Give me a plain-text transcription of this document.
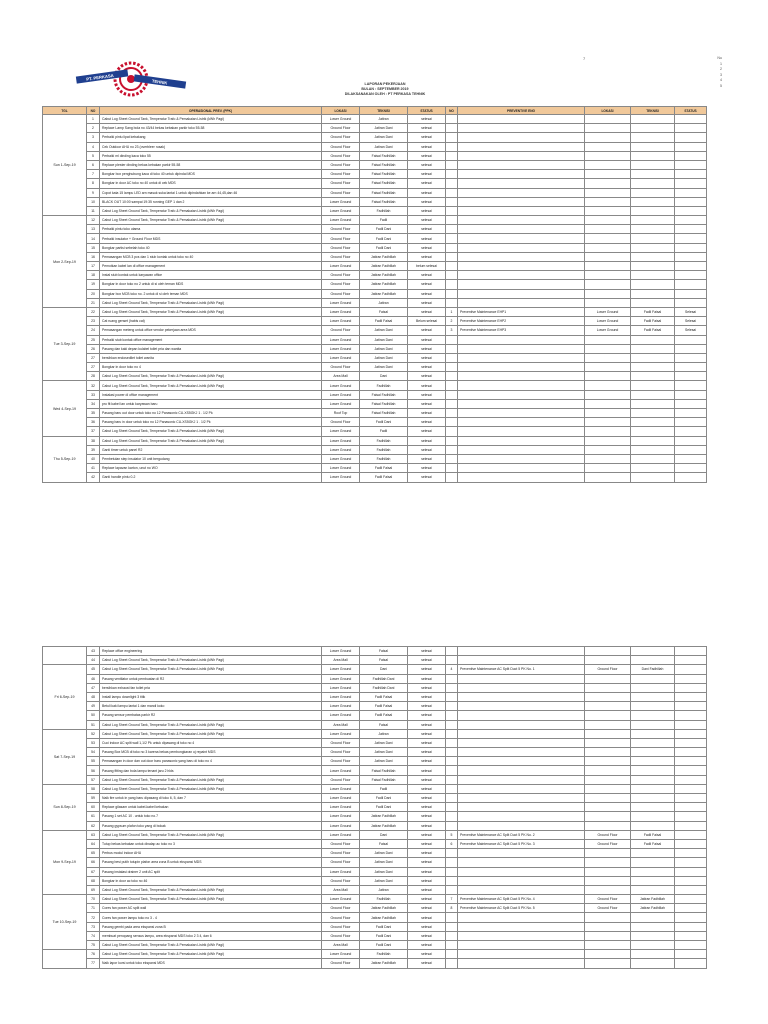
PT. PERKASA
TEHNIK
7	Nu
1
2
3
4
5
LAPORAN PEKERJAAN
BULAN : SEPTEMBER 2019
DILAKSANAKAN OLEH : PT PERKASA TEHNIK
TGL	NO	OPERASIONAL PREV. (PPK)	LOKASI	TEKNISI	STATUS	NO	PREVENTIVE ENG	LOKASI	TEKNISI	STATUS
Sun 1-Sep-19	1	Cabut Log Sheet Ground Tank, Temperatur Trafo & Pemakaian Listrik (kWh Pagi)	Lower Ground	Jatiran	selesai					
	2	Replace Lamp Sang bola no 43/44 bekas kebakan parkir toko 55-58	Ground Floor	Jatiran Dani	selesai					
	3	Perbaiki pintu lipat kebakang	Ground Floor	Jatiran Dani	selesai					
	4	Cek Outdoor AHU no 23 (overbleer rusak)	Ground Floor	Jatiran Dani	selesai					
	5	Perbaiki ml dinding kaca toko 55	Ground Floor	Faisal Fadhillah	selesai					
	6	Replace plester dinding bekas kebakan parkir 55-58	Ground Floor	Faisal Fadhillah	selesai					
	7	Bongkar box penghubung kaca di toko 40 untuk dipindai MDS	Ground Floor	Faisal Fadhillah	selesai					
	8	Bongkar in door AC toko no 40 untuk di cek MDS	Ground Floor	Faisal Fadhillah	selesai					
	9	Copot kata 15 lampu LED arn masuk suka lantai 1 untuk dipindahkan ke arn 44,45,dan 46	Ground Floor	Faisal Fadhillah	selesai					
	10	BLACK OUT 10:00 sampai 19:35 running GEP 1 dan 2	Lower Ground	Faisal Fadhillah	selesai					
	11	Cabut Log Sheet Ground Tank, Temperatur Trafo & Pemakaian Listrik (kWh Pagi)	Lower Ground	Fadhillah	selesai					
Mon 2-Sep-19	12	Cabut Log Sheet Ground Tank, Temperatur Trafo & Pemakaian Listrik (kWh Pagi)	Lower Ground	Fadli	selesai					
	13	Perbaiki pintu toko utama	Ground Floor	Fadli Dani	selesai					
	14	Perbaiki insulator + Ground Floor MDS	Ground Floor	Fadli Dani	selesai					
	15	Bongkar partisi sebelah toko 40	Ground Floor	Fadli Dani	selesai					
	16	Pemasangan MCB 3 pcs dan 1 stub kontak untuk toko no 40	Ground Floor	Jatiran Fadhillah	selesai					
	17	Pemotkan kabel lan di office management	Lower Ground	Jatiran Fadhillah	belum selesai					
	18	Instal stub kontak untuk karyawan office	Ground Floor	Jatiran Fadhillah	selesai					
	19	Bongkar in door toko no 2 untuk di si oleh teman MDS	Ground Floor	Jatiran Fadhillah	selesai					
	20	Bongkar box MCB toko no. 2 untuk di si oleh teman MDS	Ground Floor	Jatiran Fadhillah	selesai					
	21	Cabut Log Sheet Ground Tank, Temperatur Trafo & Pemakaian Listrik (kWh Pagi)	Lower Ground	Jatiran	selesai					
Tue 3-Sep-19	22	Cabut Log Sheet Ground Tank, Temperatur Trafo & Pemakaian Listrik (kWh Pagi)	Lower Ground	Faisal	selesai	1	Preventive Maintenance EHP1	Lower Ground	Fadli Faisal	Selesai
	23	Cat ruang genset (habis cat)	Lower Ground	Fadli Faisal	Belum selesai	2	Preventive Maintenance EHP2	Lower Ground	Fadli Faisal	Selesai
	24	Pemasangan meteng untuk office vendor pekerjaan area MDS	Ground Floor	Jatiran Dani	selesai	3	Preventive Maintenance EHP3	Lower Ground	Fadli Faisal	Selesai
	25	Perbaiki stub kontak office management	Lower Ground	Jatiran Dani	selesai					
	26	Pasang dan kaki depan kulabel toilet pria dan wanita	Lower Ground	Jatiran Dani	selesai					
	27	bersihkan endosedilet toilet wanita	Lower Ground	Jatiran Dani	selesai					
	27	Bongkar in door toko no 4	Ground Floor	Jatiran Dani	selesai					
	28	Cabut Log Sheet Ground Tank, Temperatur Trafo & Pemakaian Listrik (kWh Pagi)	Area Mall	Dani	selesai					
Wed 4-Sep-19	32	Cabut Log Sheet Ground Tank, Temperatur Trafo & Pemakaian Listrik (kWh Pagi)	Lower Ground	Fadhillah	selesai					
	33	Instalasi power di office management	Lower Ground	Faisal Fadhillah	selesai					
	34	pro fit kabel lan untuk karyawan baru	Lower Ground	Faisal Fadhillah	selesai					
	35	Pasang baru out door untuk toko no 12 Panasonic CU-XS5GKJ 1 . 1/2 Pk	Roof Top	Faisal Fadhillah	selesai					
	36	Pasang baru in door untuk toko no 12 Panasonic CU-XS5GKJ 1 . 1/2 Pk	Ground Floor	Fadli Dani	selesai					
	37	Cabut Log Sheet Ground Tank, Temperatur Trafo & Pemakaian Listrik (kWh Pagi)	Lower Ground	Fadli	selesai					
Thu 5-Sep-19	38	Cabut Log Sheet Ground Tank, Temperatur Trafo & Pemakaian Listrik (kWh Pagi)	Lower Ground	Fadhillah	selesai					
	39	Ganti timer untuk panel R2	Lower Ground	Fadhillah	selesai					
	40	Pembetulan step insulator 10 unit bergudang	Lower Ground	Fadhillah	selesai					
	41	Replace lapavan karton, unut no WO	Lower Ground	Fadli Faisal	selesai					
	42	Ganti handle pintu 0-2	Lower Ground	Fadli Faisal	selesai					
	43	Replace office engineering	Lower Ground	Faisal	selesai					
	44	Cabut Log Sheet Ground Tank, Temperatur Trafo & Pemakaian Listrik (kWh Pagi)	Area Mall	Faisal	selesai					
Fri 6-Sep-19	45	Cabut Log Sheet Ground Tank, Temperatur Trafo & Pemakaian Listrik (kWh Pagi)	Lower Ground	Dani	selesai	4	Preventive Maintenance AC Split Duct 5 PK No. 1	Ground Floor	Dani Fadhillah	
	46	Pasang ventilator untuk pembuatan di R2	Lower Ground	Fadhillah Dani	selesai					
	47	bersihkan exhaust fan toilet pria	Lower Ground	Fadhillah Dani	selesai					
	48	Install lampu downlight 3 titik	Lower Ground	Fadli Faisal	selesai					
	49	Betuli kaki lampu lantai 1 dan mandi koko	Lower Ground	Fadli Faisal	selesai					
	50	Pasang sensor pembatas parkir R2	Lower Ground	Fadli Faisal	selesai					
	51	Cabut Log Sheet Ground Tank, Temperatur Trafo & Pemakaian Listrik (kWh Pagi)	Area Mall	Faisal	selesai					
Sat 7-Sep-19	52	Cabut Log Sheet Ground Tank, Temperatur Trafo & Pemakaian Listrik (kWh Pagi)	Lower Ground	Jatiran	selesai					
	53	Cuci indoor AC split wall 1,1/2 Pk untuk dipasang di toko no 4	Ground Floor	Jatiran Dani	selesai					
	54	Pasang Box MCB di toko no 3 karena bekas pembongkaran uj repaint MDS	Ground Floor	Jatiran Dani	selesai					
	55	Pemasangan in door dan out door baru panasonic yang baru di toko no 4	Ground Floor	Jatiran Dani	selesai					
	56	Pasang fitting dan bola lampu tenant jaru 2 hlds	Lower Ground	Faisal Fadhillah	selesai					
	57	Cabut Log Sheet Ground Tank, Temperatur Trafo & Pemakaian Listrik (kWh Pagi)	Ground Floor	Faisal Fadhillah	selesai					
Sun 8-Sep-19	58	Cabut Log Sheet Ground Tank, Temperatur Trafo & Pemakaian Listrik (kWh Pagi)	Lower Ground	Fadli	selesai					
	59	Naik fire untuk in yang baru dipasang di toko 6, 5, dan 7	Lower Ground	Fadli Dani	selesai					
	60	Replace gilasam untuk kabel-kabel kebakan	Lower Ground	Fadli Dani	selesai					
	61	Pasang 1 set AC 10 . untuk toko no.7	Lower Ground	Jatiran Fadhillah	selesai					
	62	Pasang gypsum plafon toko yang di bokak	Lower Ground	Jatiran Fadhillah	selesai					
Mon 9-Sep-19	63	Cabut Log Sheet Ground Tank, Temperatur Trafo & Pemakaian Listrik (kWh Pagi)	Lower Ground	Dani	selesai	5	Preventive Maintenance AC Split Duct 5 PK No. 2	Ground Floor	Fadli Faisal	
	64	Tutup bekas kebakan untuk dinalap ac toko no 3	Ground Floor	Faisal	selesai	6	Preventive Maintenance AC Split Duct 5 PK No. 3	Ground Floor	Fadli Faisal	
	65	Perbus modul indoor AHU	Ground Floor	Jatiran Dani	selesai					
	66	Pasang besi putih tutupin plafon area zona B untuk ekspansi MDS	Ground Floor	Jatiran Dani	selesai					
	67	Pasang instalasi drainer 2 unit AC split	Lower Ground	Jatiran Dani	selesai					
	68	Bongkar in door ac toko no 46	Ground Floor	Jatiran Dani	selesai					
	69	Cabut Log Sheet Ground Tank, Temperatur Trafo & Pemakaian Listrik (kWh Pagi)	Area Mall	Jatiran	selesai					
Tue 10-Sep-19	70	Cabut Log Sheet Ground Tank, Temperatur Trafo & Pemakaian Listrik (kWh Pagi)	Lower Ground	Fadhillah	selesai	7	Preventive Maintenance AC Split Duct 5 PK No. 4	Ground Floor	Jatiran Fadhillah	
	71	Cores fan power AC split wall	Ground Floor	Jatiran Fadhillah	selesai	8	Preventive Maintenance AC Split Duct 5 PK No. 5	Ground Floor	Jatiran Fadhillah	
	72	Cores fan power lampu toko no 3 - 4	Ground Floor	Jatiran Fadhillah	selesai					
	73	Pasang gembi pada area ekspansi zona B	Ground Floor	Fadli Dani	selesai					
	74	membuat penopang sensus lampu, area ekspansi MDS toko 2 3 4, dan 6	Ground Floor	Fadli Dani	selesai					
	75	Cabut Log Sheet Ground Tank, Temperatur Trafo & Pemakaian Listrik (kWh Pagi)	Area Mall	Fadli Dani	selesai					
	76	Cabut Log Sheet Ground Tank, Temperatur Trafo & Pemakaian Listrik (kWh Pagi)	Lower Ground	Fadhillah	selesai					
	77	Naik lapor kursi untuk toko ekspansi MDS	Ground Floor	Jatiran Fadhillah	selesai					
